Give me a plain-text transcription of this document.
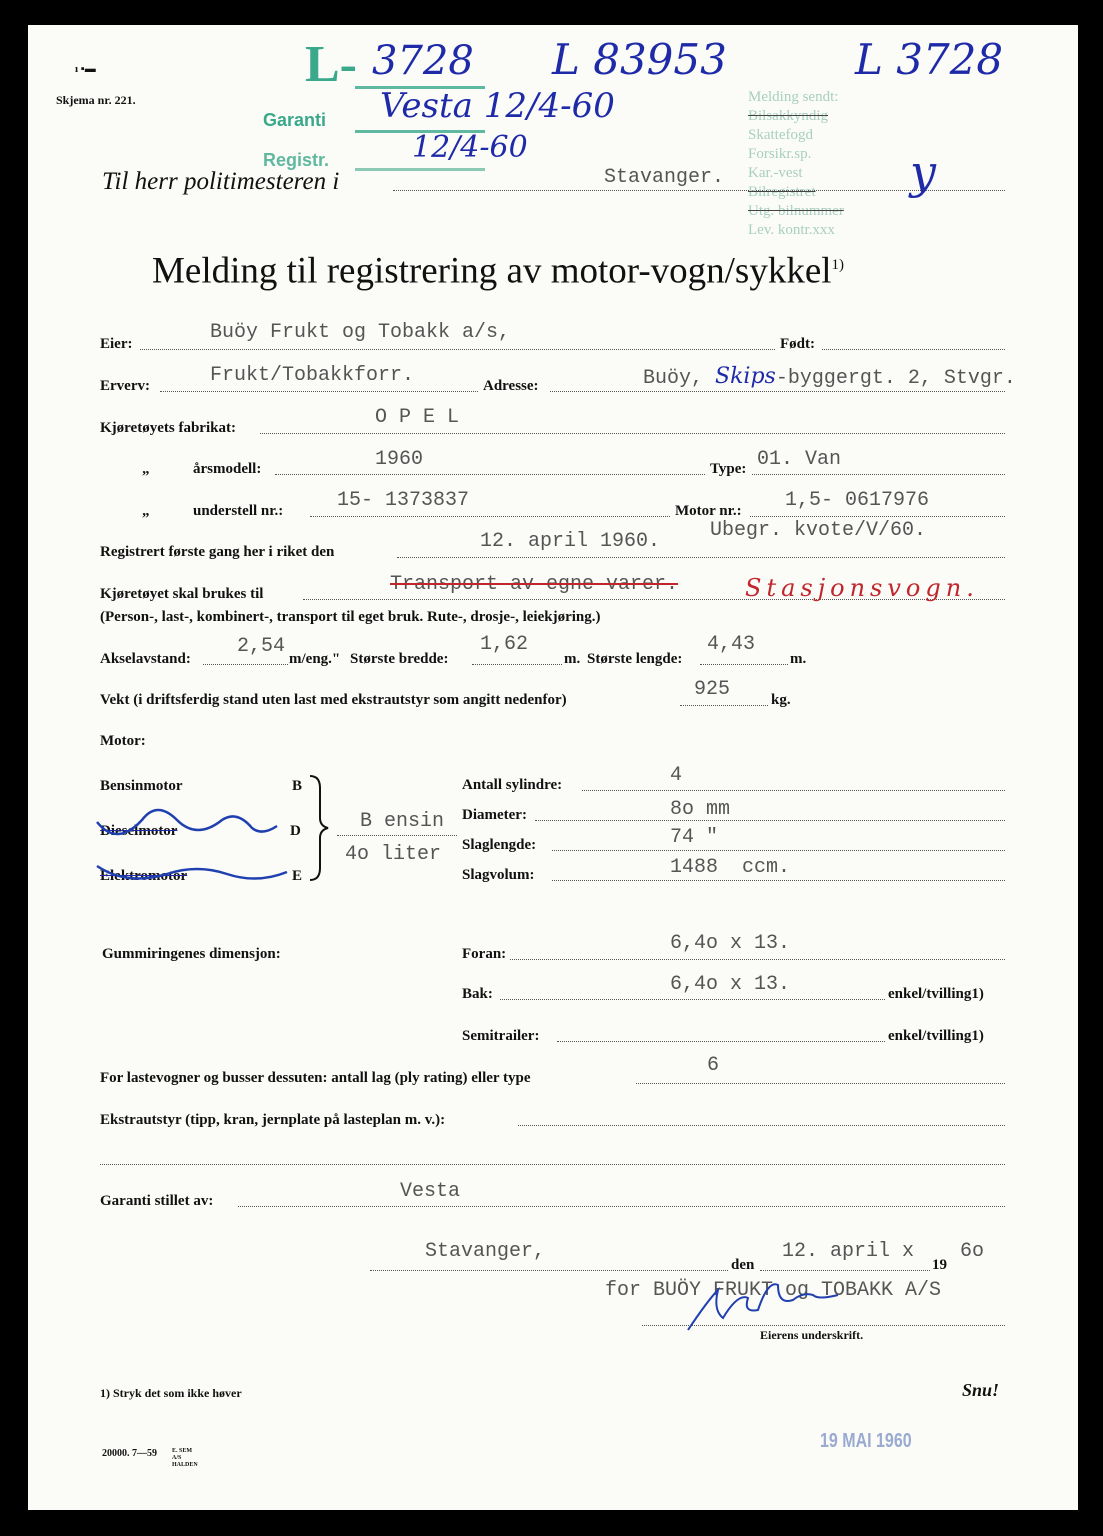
ı ▪▬
Skjema nr. 221.
L- 3728 L 83953	L 3728
Garanti Vesta 12/4-60
Registr.	12/4-60
Til herr politimesteren i	Stavanger.
Melding sendt:
Bilsakkyndig
Skattefogd
Forsikr.sp.
Kar.-vest
Bilregistret
Utg. bilnummer
Lev. kontr.xxx
y
Melding til registrering av motor-vogn/sykkel$^{1)}$
Eier:	Buöy Frukt og Tobakk a/s,	Født:
Erverv:	Frukt/Tobakkforr.	Adresse:	Buöy, Skips-byggergt. 2, Stvgr.
Kjøretøyets fabrikat:	O P E L
„	årsmodell:	1960	Type: 01. Van
„	understell nr.:	15- 1373837	Motor nr.: 1,5- 0617976
Ubegr. kvote/V/60.
Registrert første gang her i riket den	12. april 1960.
Kjøretøyet skal brukes til	Transport av egne varer.	Stasjonsvogn.
(Person-, last-, kombinert-, transport til eget bruk. Rute-, drosje-, leiekjøring.)
Akselavstand:
2,54
m/eng." Største bredde:
1,62
m. Største lengde:
4,43
m.
Vekt (i driftsferdig stand uten last med ekstrautstyr som angitt nedenfor)	925	kg.
Motor:
Bensinmotor	B
Dieselmotor	D
Elektromotor	E
B ensin
4o liter
Antall sylindre:	4
Diameter:	8o mm
Slaglengde:	74 "
Slagvolum:	1488  ccm.
Gummiringenes dimensjon:	Foran:	6,4o x 13.
Bak:	6,4o x 13.	enkel/tvilling1)
Semitrailer:	enkel/tvilling1)
For lastevogner og busser dessuten: antall lag (ply rating) eller type
6
Ekstrautstyr (tipp, kran, jernplate på lasteplan m. v.):
Garanti stillet av:	Vesta
Stavanger,
den
12. april x
19
6o
for BUÖY FRUKT og TOBAKK A/S
Eierens underskrift.
1) Stryk det som ikke høver	Snu!
20000. 7—59	E. SEM A/S HALDEN
19 MAI 1960
